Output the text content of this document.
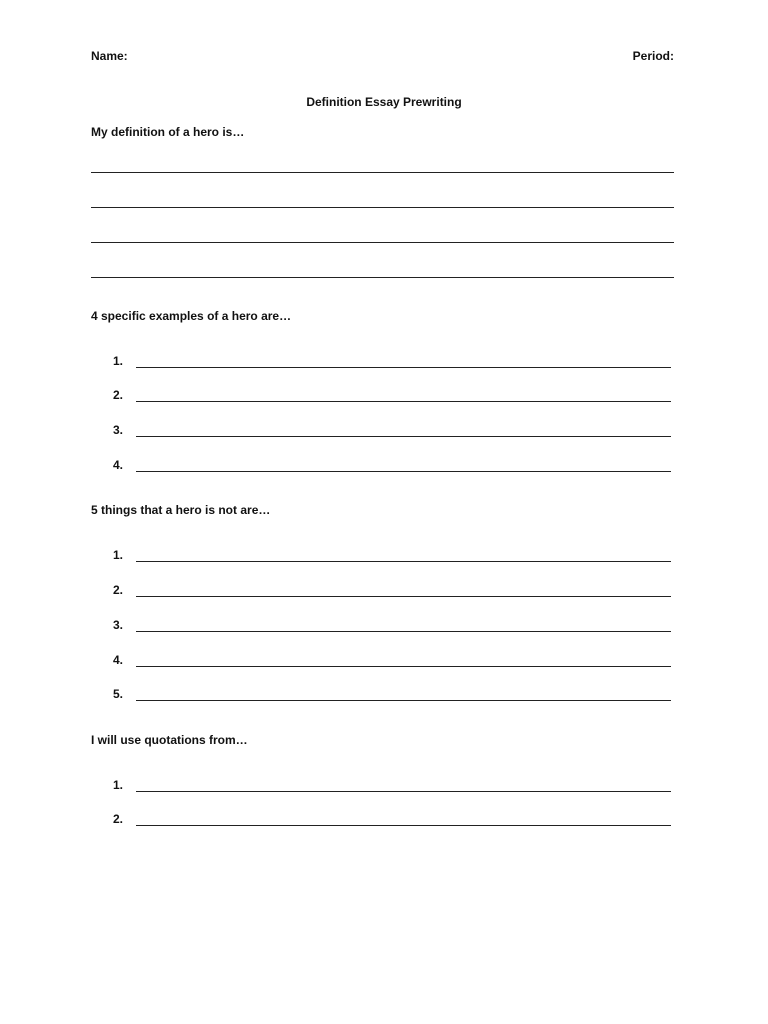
Name:	Period:
Definition Essay Prewriting
My definition of a hero is…
4 specific examples of a hero are…
1.
2.
3.
4.
5 things that a hero is not are…
1.
2.
3.
4.
5.
I will use quotations from…
1.
2.
